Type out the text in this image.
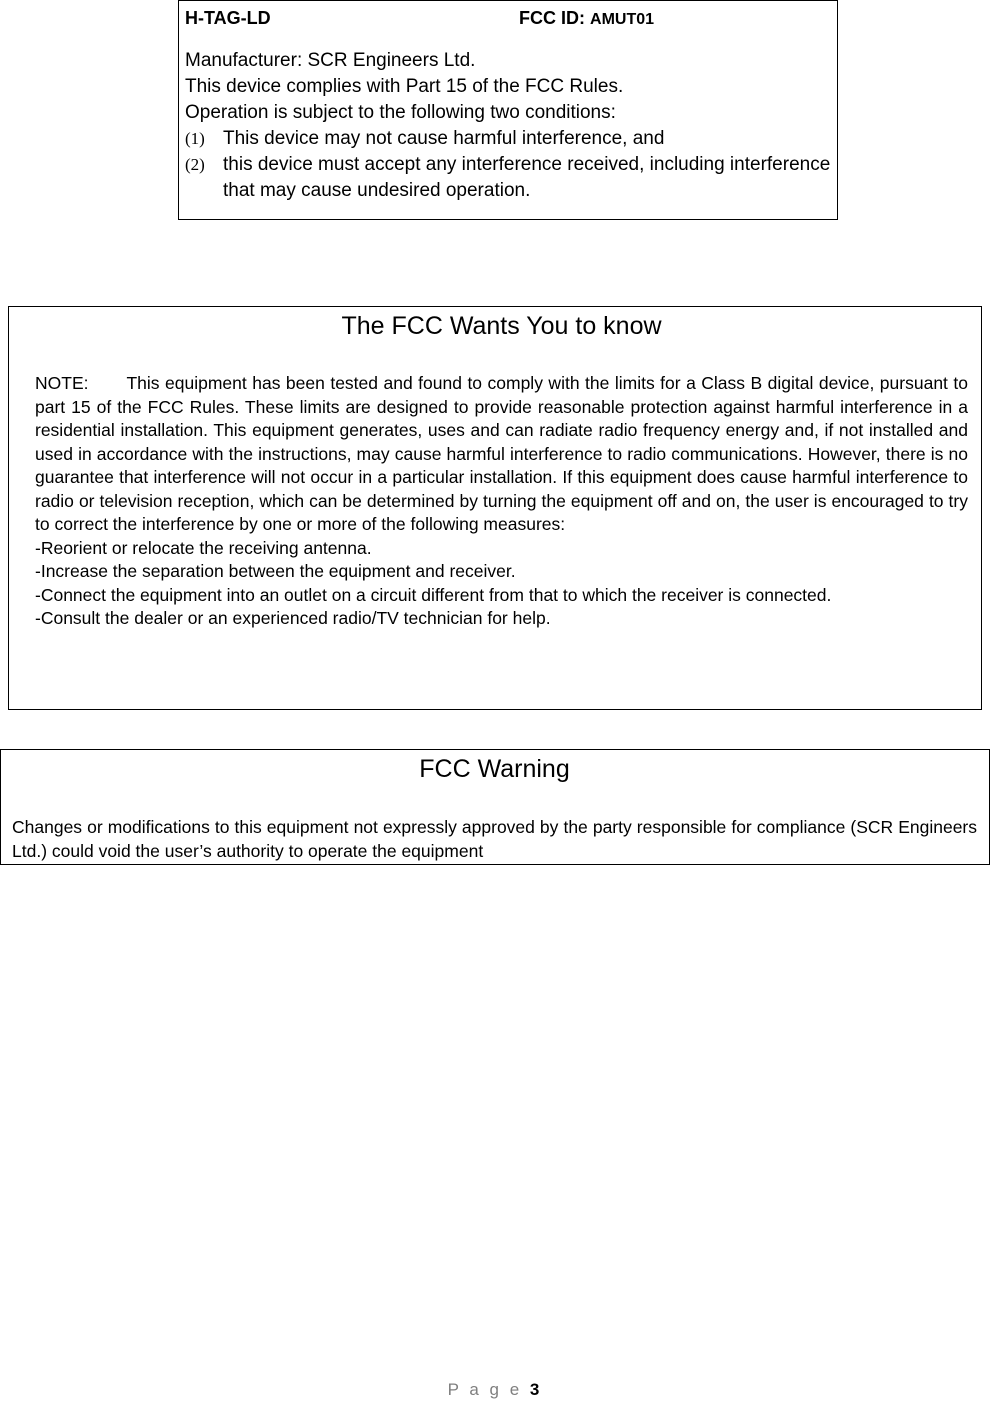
H-TAG-LD	FCC ID: AMUT01
Manufacturer: SCR Engineers Ltd.
This device complies with Part 15 of the FCC Rules.
Operation is subject to the following two conditions:
(1) This device may not cause harmful interference, and
(2) this device must accept any interference received, including interference that may cause undesired operation.
The FCC Wants You to know

NOTE: This equipment has been tested and found to comply with the limits for a Class B digital device, pursuant to part 15 of the FCC Rules. These limits are designed to provide reasonable protection against harmful interference in a residential installation. This equipment generates, uses and can radiate radio frequency energy and, if not installed and used in accordance with the instructions, may cause harmful interference to radio communications. However, there is no guarantee that interference will not occur in a particular installation. If this equipment does cause harmful interference to radio or television reception, which can be determined by turning the equipment off and on, the user is encouraged to try to correct the interference by one or more of the following measures:

-Reorient or relocate the receiving antenna.

-Increase the separation between the equipment and receiver.

-Connect the equipment into an outlet on a circuit different from that to which the receiver is connected.

-Consult the dealer or an experienced radio/TV technician for help.

FCC Warning

Changes or modifications to this equipment not expressly approved by the party responsible for compliance (SCR Engineers Ltd.) could void the user’s authority to operate the equipment

P a g e 3
